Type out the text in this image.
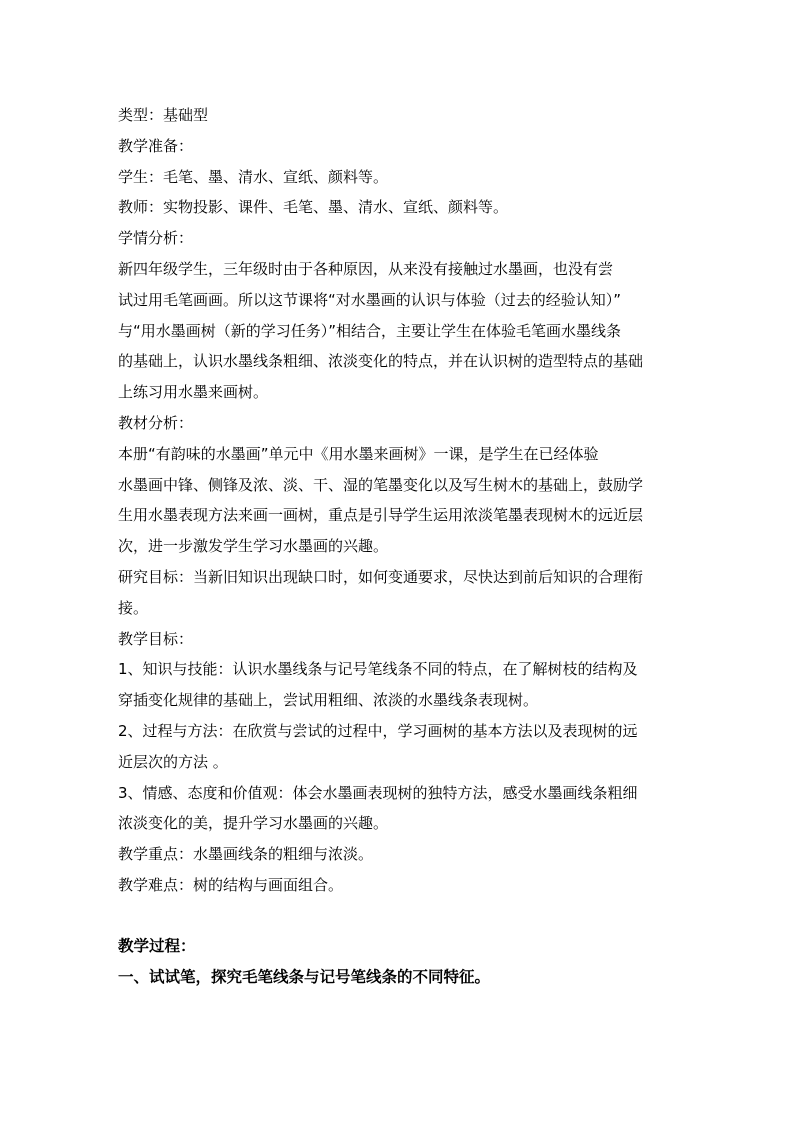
类型：基础型
教学准备：
学生：毛笔、墨、清水、宣纸、颜料等。
教师：实物投影、课件、毛笔、墨、清水、宣纸、颜料等。
学情分析：
新四年级学生，三年级时由于各种原因，从来没有接触过水墨画，也没有尝
试过用毛笔画画。所以这节课将“对水墨画的认识与体验（过去的经验认知）”
与“用水墨画树（新的学习任务）”相结合，主要让学生在体验毛笔画水墨线条
的基础上，认识水墨线条粗细、浓淡变化的特点，并在认识树的造型特点的基础
上练习用水墨来画树。
教材分析：
本册“有韵味的水墨画”单元中《用水墨来画树》一课，是学生在已经体验
水墨画中锋、侧锋及浓、淡、干、湿的笔墨变化以及写生树木的基础上，鼓励学
生用水墨表现方法来画一画树，重点是引导学生运用浓淡笔墨表现树木的远近层
次，进一步激发学生学习水墨画的兴趣。
研究目标：当新旧知识出现缺口时，如何变通要求，尽快达到前后知识的合理衔
接。
教学目标：
1、知识与技能：认识水墨线条与记号笔线条不同的特点，在了解树枝的结构及
穿插变化规律的基础上，尝试用粗细、浓淡的水墨线条表现树。
2、过程与方法：在欣赏与尝试的过程中，学习画树的基本方法以及表现树的远
近层次的方法 。
3、情感、态度和价值观：体会水墨画表现树的独特方法，感受水墨画线条粗细
浓淡变化的美，提升学习水墨画的兴趣。
教学重点：水墨画线条的粗细与浓淡。
教学难点：树的结构与画面组合。
教学过程：
一、试试笔，探究毛笔线条与记号笔线条的不同特征。
